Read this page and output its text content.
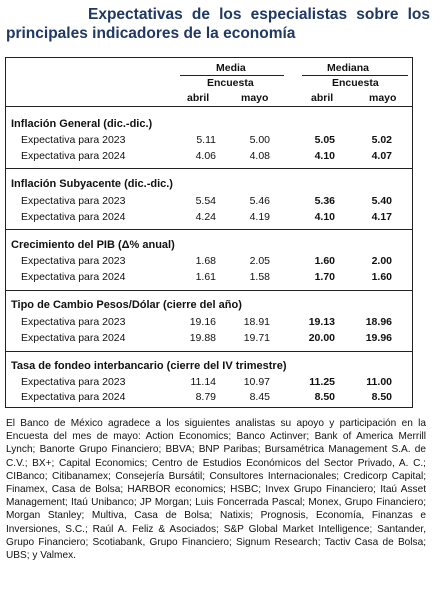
Expectativas de los especialistas sobre los
principales indicadores de la economía
Media	Mediana
Encuesta	Encuesta
abril	mayo	abril	mayo
Inflación General (dic.-dic.)
Expectativa para 2023	5.11	5.00	5.05	5.02
Expectativa para 2024	4.06	4.08	4.10	4.07
Inflación Subyacente (dic.-dic.)
Expectativa para 2023	5.54	5.46	5.36	5.40
Expectativa para 2024	4.24	4.19	4.10	4.17
Crecimiento del PIB (Δ% anual)
Expectativa para 2023	1.68	2.05	1.60	2.00
Expectativa para 2024	1.61	1.58	1.70	1.60
Tipo de Cambio Pesos/Dólar (cierre del año)
Expectativa para 2023	19.16	18.91	19.13	18.96
Expectativa para 2024	19.88	19.71	20.00	19.96
Tasa de fondeo interbancario (cierre del IV trimestre)
Expectativa para 2023	11.14	10.97	11.25	11.00
Expectativa para 2024	8.79	8.45	8.50	8.50
El Banco de México agradece a los siguientes analistas su apoyo y participación en la Encuesta del mes de mayo: Action Economics; Banco Actinver; Bank of America Merrill Lynch; Banorte Grupo Financiero; BBVA; BNP Paribas; Bursamétrica Management S.A. de C.V.; BX+; Capital Economics; Centro de Estudios Económicos del Sector Privado, A. C.; CIBanco; Citibanamex; Consejería Bursátil; Consultores Internacionales; Credicorp Capital; Finamex, Casa de Bolsa; HARBOR economics; HSBC; Invex Grupo Financiero; Itaú Asset Management; Itaú Unibanco; JP Morgan; Luis Foncerrada Pascal; Monex, Grupo Financiero; Morgan Stanley; Multiva, Casa de Bolsa; Natixis; Prognosis, Economía, Finanzas e Inversiones, S.C.; Raúl A. Feliz & Asociados; S&P Global Market Intelligence; Santander, Grupo Financiero; Scotiabank, Grupo Financiero; Signum Research; Tactiv Casa de Bolsa; UBS; y Valmex.
